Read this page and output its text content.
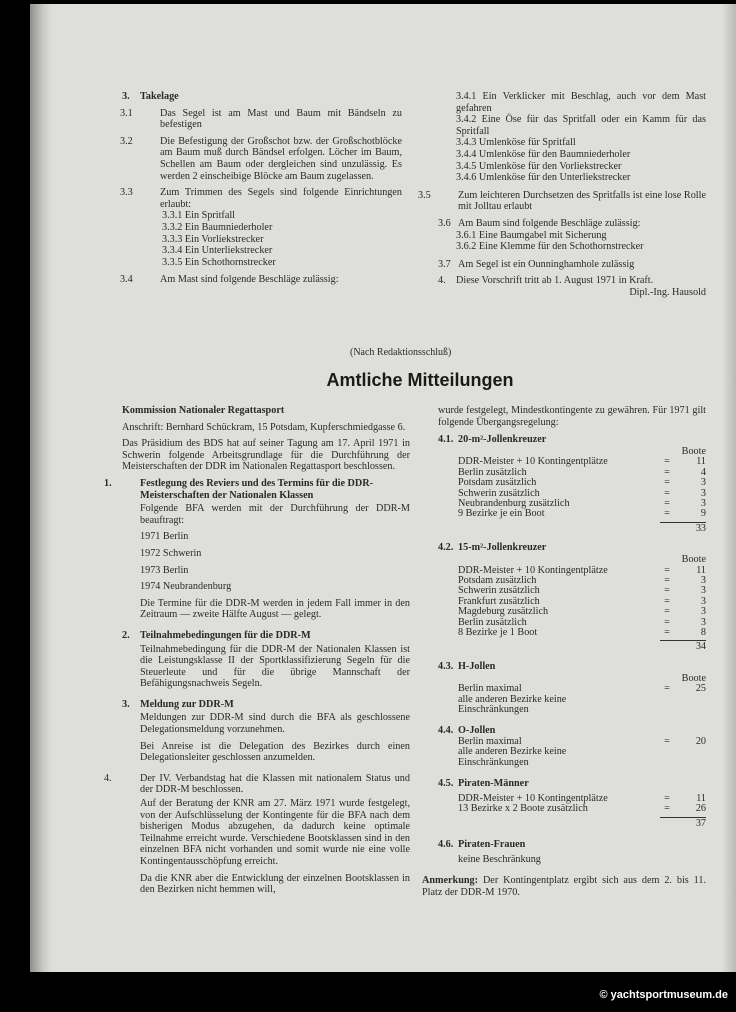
3. Takelage

3.1	Das Segel ist am Mast und Baum mit Bändseln zu befestigen

3.2	Die Befestigung der Großschot bzw. der Großschotblöcke am Baum muß durch Bändsel erfolgen. Löcher im Baum, Schellen am Baum oder dergleichen sind unzulässig. Es werden 2 einscheibige Blöcke am Baum zugelassen.

3.3	Zum Trimmen des Segels sind folgende Einrichtungen erlaubt:

3.3.1 Ein Spritfall
3.3.2 Ein Baumniederholer
3.3.3 Ein Vorliekstrecker
3.3.4 Ein Unterliekstrecker
3.3.5 Ein Schothornstrecker

3.4	Am Mast sind folgende Beschläge zulässig:

3.4.1 Ein Verklicker mit Beschlag, auch vor dem Mast gefahren
3.4.2 Eine Öse für das Spritfall oder ein Kamm für das Spritfall
3.4.3 Umlenköse für Spritfall
3.4.4 Umlenköse für den Baumniederholer
3.4.5 Umlenköse für den Vorliekstrecker
3.4.6 Umlenköse für den Unterliekstrecker

3.5	Zum leichteren Durchsetzen des Spritfalls ist eine lose Rolle mit Jolltau erlaubt

3.6 Am Baum sind folgende Beschläge zulässig:

3.6.1 Eine Baumgabel mit Sicherung
3.6.2 Eine Klemme für den Schothornstrecker

3.7 Am Segel ist ein Ounninghamhole zulässig

4. Diese Vorschrift tritt ab 1. August 1971 in Kraft.

Dipl.-Ing. Hausold
(Nach Redaktionsschluß)
Amtliche Mitteilungen

Kommission Nationaler Regattasport

Anschrift: Bernhard Schückram, 15 Potsdam, Kupferschmiedgasse 6.

Das Präsidium des BDS hat auf seiner Tagung am 17. April 1971 in Schwerin folgende Arbeitsgrundlage für die Durchführung der Meisterschaften der DDR im Nationalen Regattasport beschlossen.

1.	Festlegung des Reviers und des Termins für die DDR-Meisterschaften der Nationalen Klassen

Folgende BFA werden mit der Durchführung der DDR-M beauftragt:

1971 Berlin

1972 Schwerin

1973 Berlin

1974 Neubrandenburg

Die Termine für die DDR-M werden in jedem Fall immer in den Zeitraum — zweite Hälfte August — gelegt.

2. Teilnahmebedingungen für die DDR-M

Teilnahmebedingung für die DDR-M der Nationalen Klassen ist die Leistungsklasse II der Sportklassifizierung Segeln für die Steuerleute und für die übrige Mannschaft der Befähigungsnachweis Segeln.

3. Meldung zur DDR-M

Meldungen zur DDR-M sind durch die BFA als geschlossene Delegationsmeldung vorzunehmen.

Bei Anreise ist die Delegation des Bezirkes durch einen Delegationsleiter geschlossen anzumelden.

4.	Der IV. Verbandstag hat die Klassen mit nationalem Status und der DDR-M beschlossen.

Auf der Beratung der KNR am 27. März 1971 wurde festgelegt, von der Aufschlüsselung der Kontingente für die BFA nach dem bisherigen Modus abzugehen, da dadurch keine optimale Teilnahme erreicht wurde. Verschiedene Bootsklassen sind in den einzelnen BFA nicht vorhanden und somit wurde nie eine volle Kontingentausschöpfung erreicht.

Da die KNR aber die Entwicklung der einzelnen Bootsklassen in den Bezirken nicht hemmen will,

wurde festgelegt, Mindestkontingente zu gewähren. Für 1971 gilt folgende Übergangsregelung:

4.1. 20-m²-Jollenkreuzer
Boote
DDR-Meister + 10 Kontingentplätze	=	11
Berlin zusätzlich	=	4
Potsdam zusätzlich	=	3
Schwerin zusätzlich	=	3
Neubrandenburg zusätzlich	=	3
9 Bezirke je ein Boot	=	9
33
4.2. 15-m²-Jollenkreuzer
Boote
DDR-Meister + 10 Kontingentplätze	=	11
Potsdam zusätzlich	=	3
Schwerin zusätzlich	=	3
Frankfurt zusätzlich	=	3
Magdeburg zusätzlich	=	3
Berlin zusätzlich	=	3
8 Bezirke je 1 Boot	=	8
34
4.3. H-Jollen
Boote
Berlin maximal	=	25
alle anderen Bezirke keine		
Einschränkungen		
4.4. O-Jollen
Berlin maximal	=	20
alle anderen Bezirke keine		
Einschränkungen		
4.5. Piraten-Männer
DDR-Meister + 10 Kontingentplätze	=	11
13 Bezirke x 2 Boote zusätzlich	=	26
37
4.6. Piraten-Frauen
keine Beschränkung

Anmerkung: Der Kontingentplatz ergibt sich aus dem 2. bis 11. Platz der DDR-M 1970.

© yachtsportmuseum.de
